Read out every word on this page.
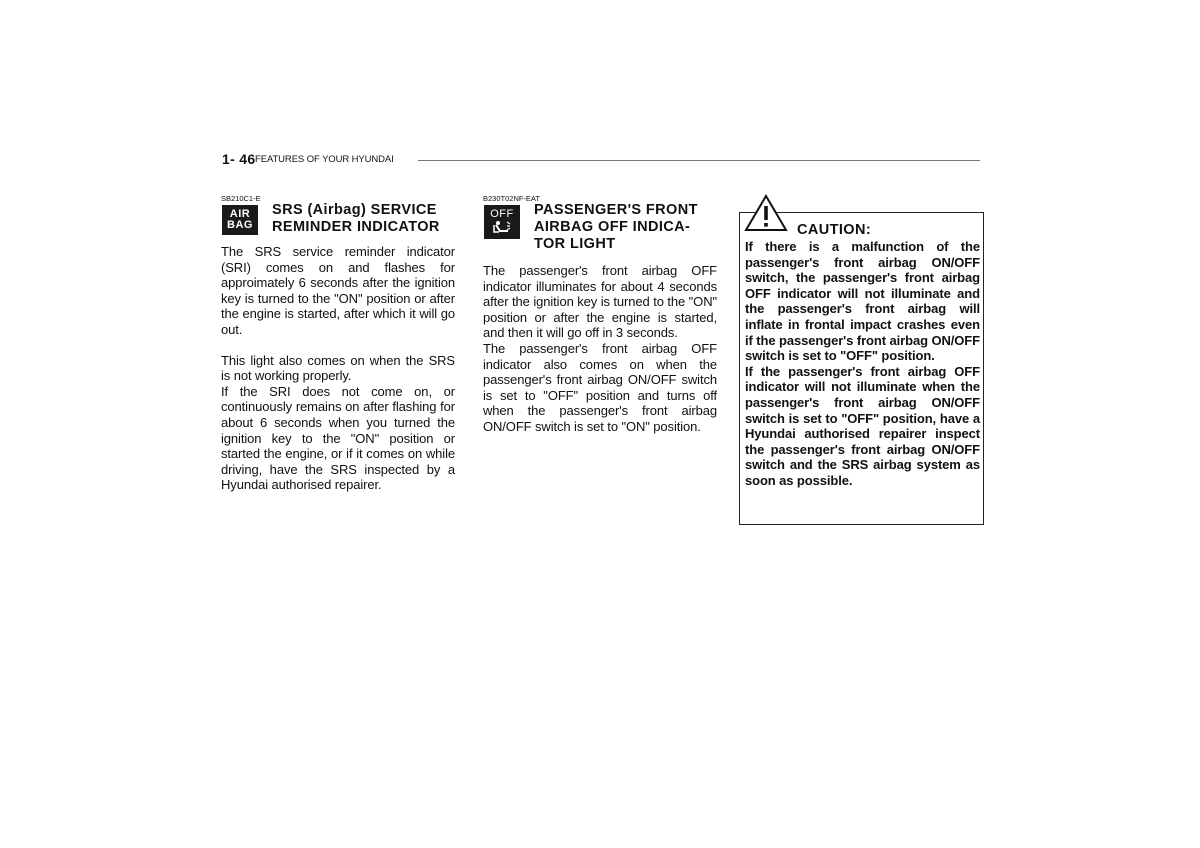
1- 46 FEATURES OF YOUR HYUNDAI
SB210C1-E
AIR
BAG
SRS (Airbag) SERVICE
REMINDER INDICATOR

The SRS service reminder indicator (SRI) comes on and flashes for approimately 6 seconds after the ignition key is turned to the "ON" position or after the engine is started, after which it will go out.

This light also comes on when the SRS is not working properly.

If the SRI does not come on, or continuously remains on after flashing for about 6 seconds when you turned the ignition key to the "ON" position or started the engine, or if it comes on while driving, have the SRS inspected by a Hyundai authorised repairer.

B230T02NF-EAT
OFF	PASSENGER'S FRONT
AIRBAG OFF INDICA-
TOR LIGHT

The passenger's front airbag OFF indicator illuminates for about 4 seconds after the ignition key is turned to the "ON" position or after the engine is started, and then it will go off in 3 seconds.

The passenger's front airbag OFF indicator also comes on when the passenger's front airbag ON/OFF switch is set to "OFF" position and turns off when the passenger's front airbag ON/OFF switch is set to "ON" position.

CAUTION:

If there is a malfunction of the passenger's front airbag ON/OFF switch, the passenger's front airbag OFF indicator will not illuminate and the passenger's front airbag will inflate in frontal impact crashes even if the passenger's front airbag ON/OFF switch is set to "OFF" position.

If the passenger's front airbag OFF indicator will not illuminate when the passenger's front airbag ON/OFF switch is set to "OFF" position, have a Hyundai authorised repairer inspect the passenger's front airbag ON/OFF switch and the SRS airbag system as soon as possible.
